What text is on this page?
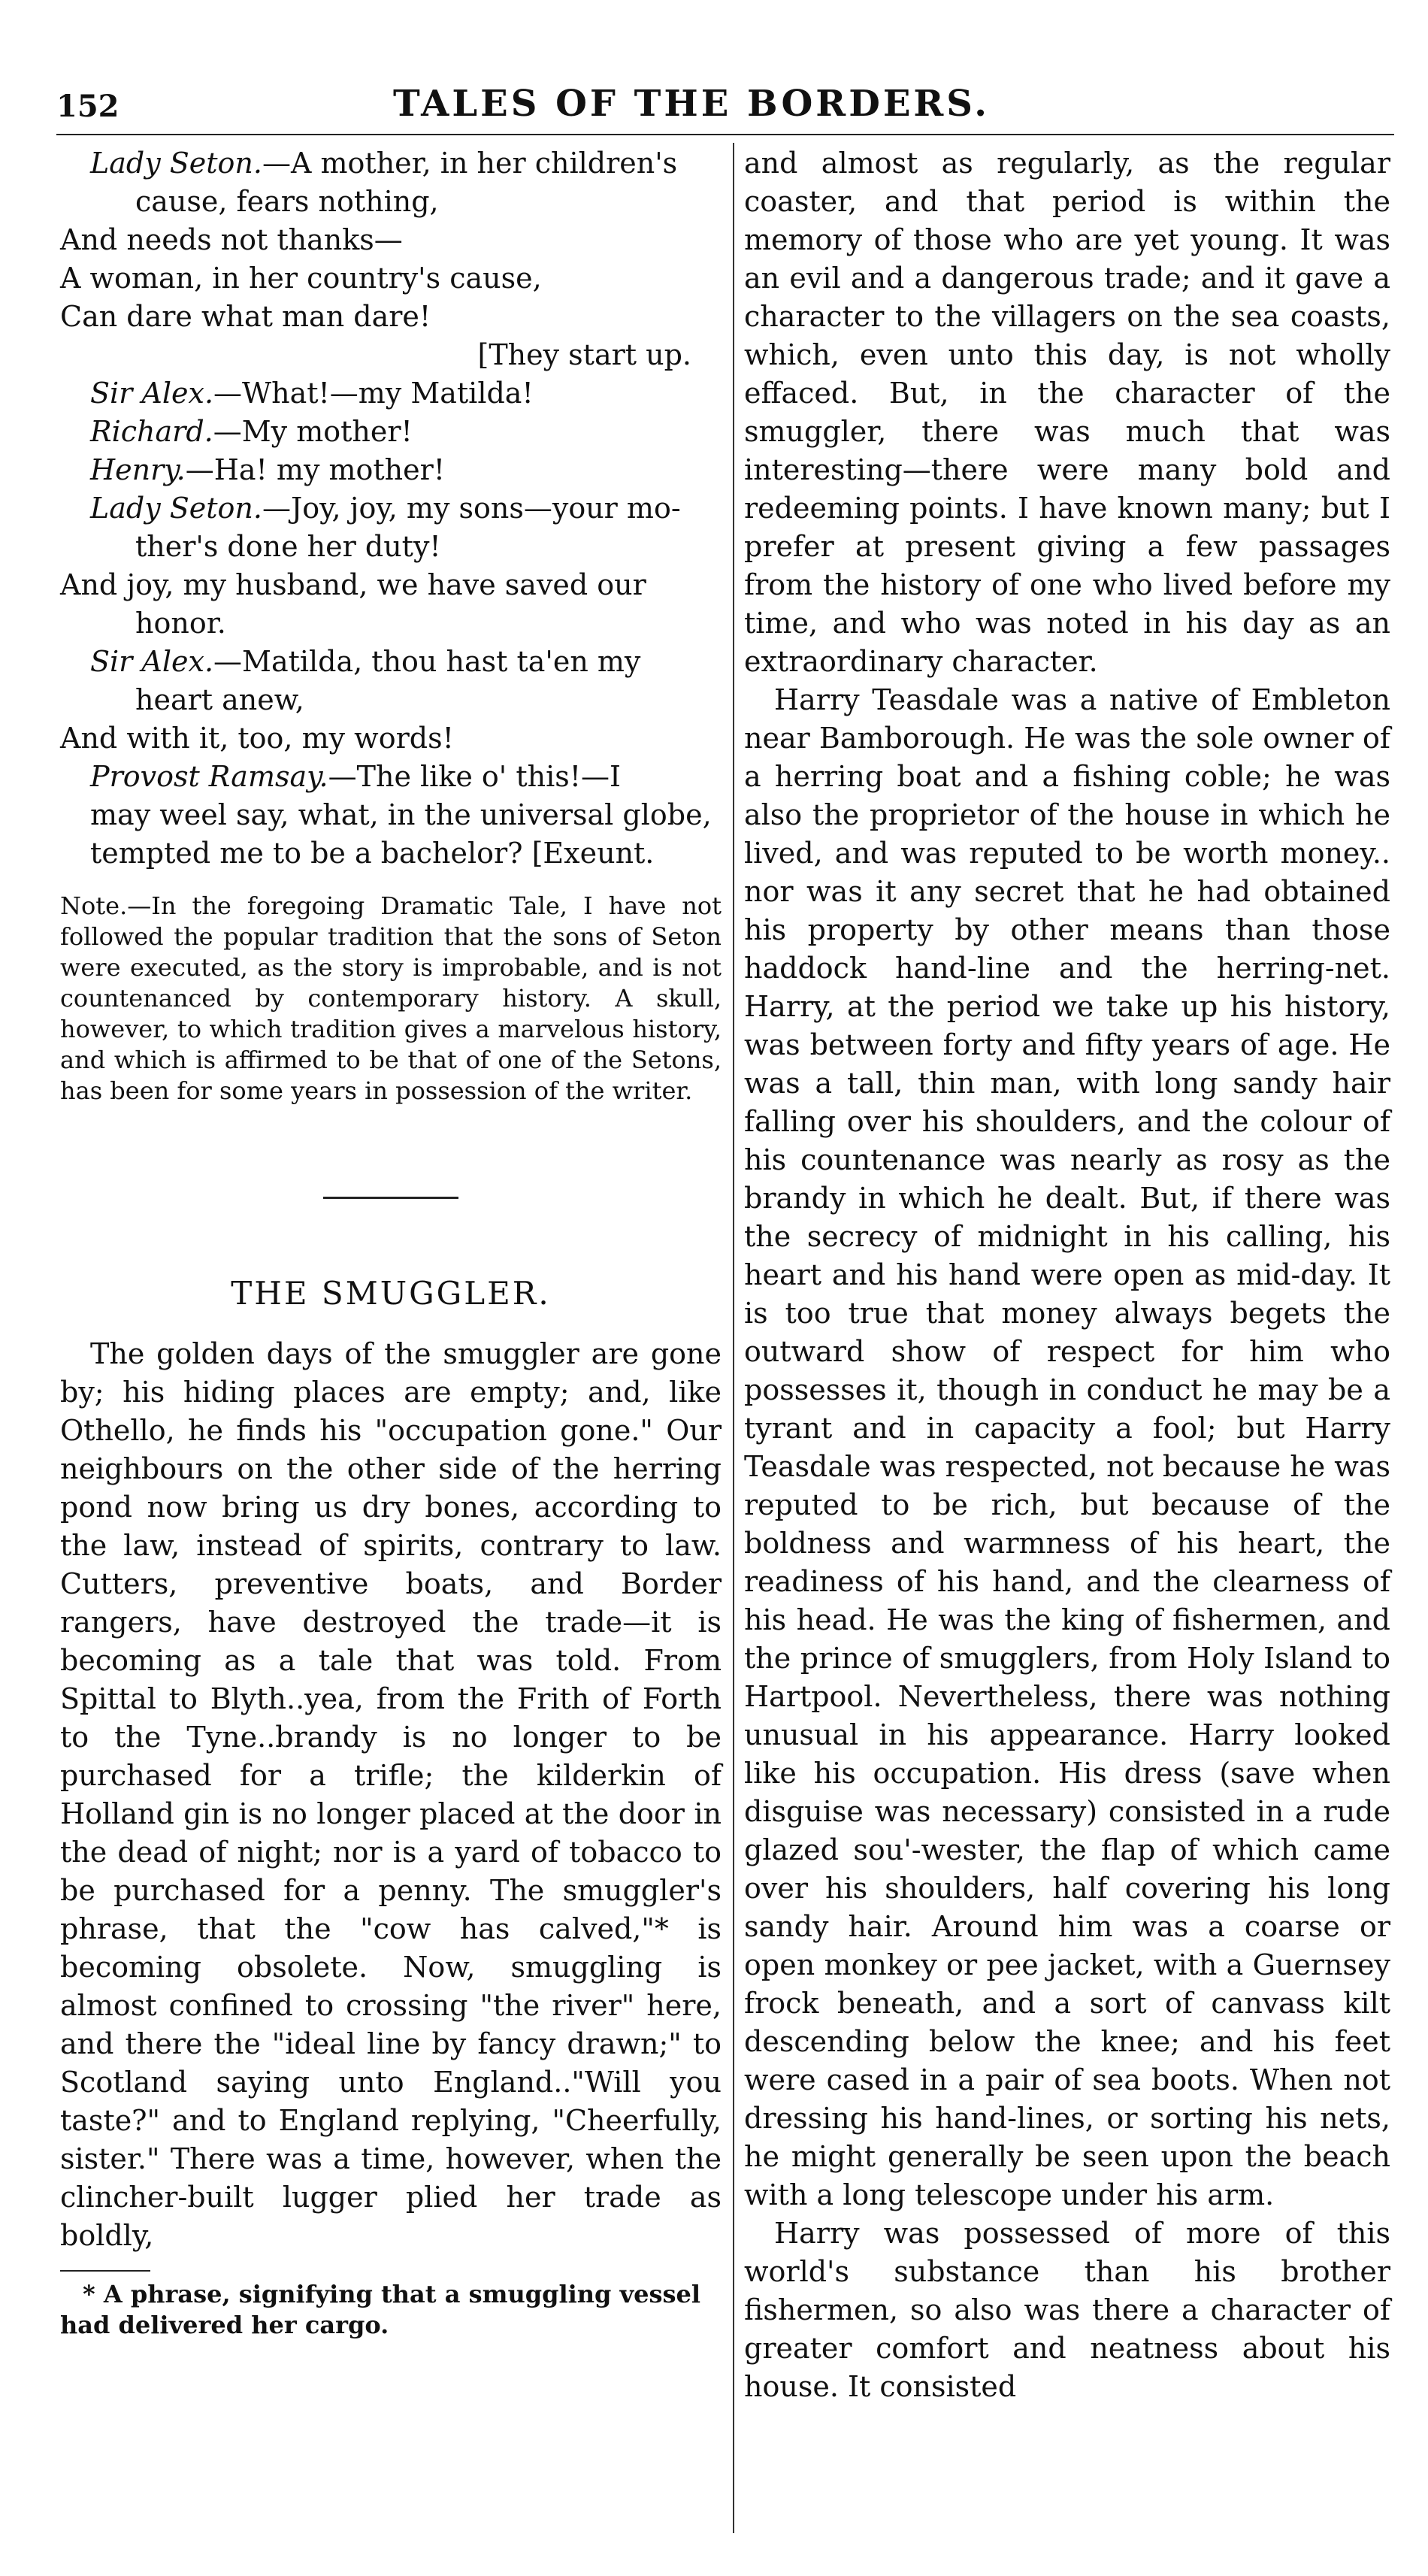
152	TALES OF THE BORDERS.
Lady Seton.—A mother, in her children's
cause, fears nothing,
And needs not thanks—
A woman, in her country's cause,
Can dare what man dare!
[They start up.
Sir Alex.—What!—my Matilda!
Richard.—My mother!
Henry.—Ha! my mother!
Lady Seton.—Joy, joy, my sons—your mo-
ther's done her duty!
And joy, my husband, we have saved our
honor.
Sir Alex.—Matilda, thou hast ta'en my
heart anew,
And with it, too, my words!
Provost Ramsay.—The like o' this!—I
may weel say, what, in the universal globe,
tempted me to be a bachelor? [Exeunt.

Note.—In the foregoing Dramatic Tale, I have not followed the popular tradition that the sons of Seton were executed, as the story is improbable, and is not countenanced by contemporary history. A skull, however, to which tradition gives a marvelous history, and which is affirmed to be that of one of the Setons, has been for some years in possession of the writer.

THE SMUGGLER.

The golden days of the smuggler are gone by; his hiding places are empty; and, like Othello, he finds his "occupation gone." Our neighbours on the other side of the herring pond now bring us dry bones, according to the law, instead of spirits, contrary to law. Cutters, preventive boats, and Border rangers, have destroyed the trade—it is becoming as a tale that was told. From Spittal to Blyth..yea, from the Frith of Forth to the Tyne..brandy is no longer to be purchased for a trifle; the kilderkin of Holland gin is no longer placed at the door in the dead of night; nor is a yard of tobacco to be purchased for a penny. The smuggler's phrase, that the "cow has calved,"* is becoming obsolete. Now, smuggling is almost confined to crossing "the river" here, and there the "ideal line by fancy drawn;" to Scotland saying unto England.."Will you taste?" and to England replying, "Cheerfully, sister." There was a time, however, when the clincher-built lugger plied her trade as boldly,

* A phrase, signifying that a smuggling vessel had delivered her cargo.

and almost as regularly, as the regular coaster, and that period is within the memory of those who are yet young. It was an evil and a dangerous trade; and it gave a character to the villagers on the sea coasts, which, even unto this day, is not wholly effaced. But, in the character of the smuggler, there was much that was interesting—there were many bold and redeeming points. I have known many; but I prefer at present giving a few passages from the history of one who lived before my time, and who was noted in his day as an extraordinary character.

Harry Teasdale was a native of Embleton near Bamborough. He was the sole owner of a herring boat and a fishing coble; he was also the proprietor of the house in which he lived, and was reputed to be worth money.. nor was it any secret that he had obtained his property by other means than those haddock hand-line and the herring-net. Harry, at the period we take up his history, was between forty and fifty years of age. He was a tall, thin man, with long sandy hair falling over his shoulders, and the colour of his countenance was nearly as rosy as the brandy in which he dealt. But, if there was the secrecy of midnight in his calling, his heart and his hand were open as mid-day. It is too true that money always begets the outward show of respect for him who possesses it, though in conduct he may be a tyrant and in capacity a fool; but Harry Teasdale was respected, not because he was reputed to be rich, but because of the boldness and warmness of his heart, the readiness of his hand, and the clearness of his head. He was the king of fishermen, and the prince of smugglers, from Holy Island to Hartpool. Nevertheless, there was nothing unusual in his appearance. Harry looked like his occupation. His dress (save when disguise was necessary) consisted in a rude glazed sou'-wester, the flap of which came over his shoulders, half covering his long sandy hair. Around him was a coarse or open monkey or pee jacket, with a Guernsey frock beneath, and a sort of canvass kilt descending below the knee; and his feet were cased in a pair of sea boots. When not dressing his hand-lines, or sorting his nets, he might generally be seen upon the beach with a long telescope under his arm.

Harry was possessed of more of this world's substance than his brother fishermen, so also was there a character of greater comfort and neatness about his house. It consisted
